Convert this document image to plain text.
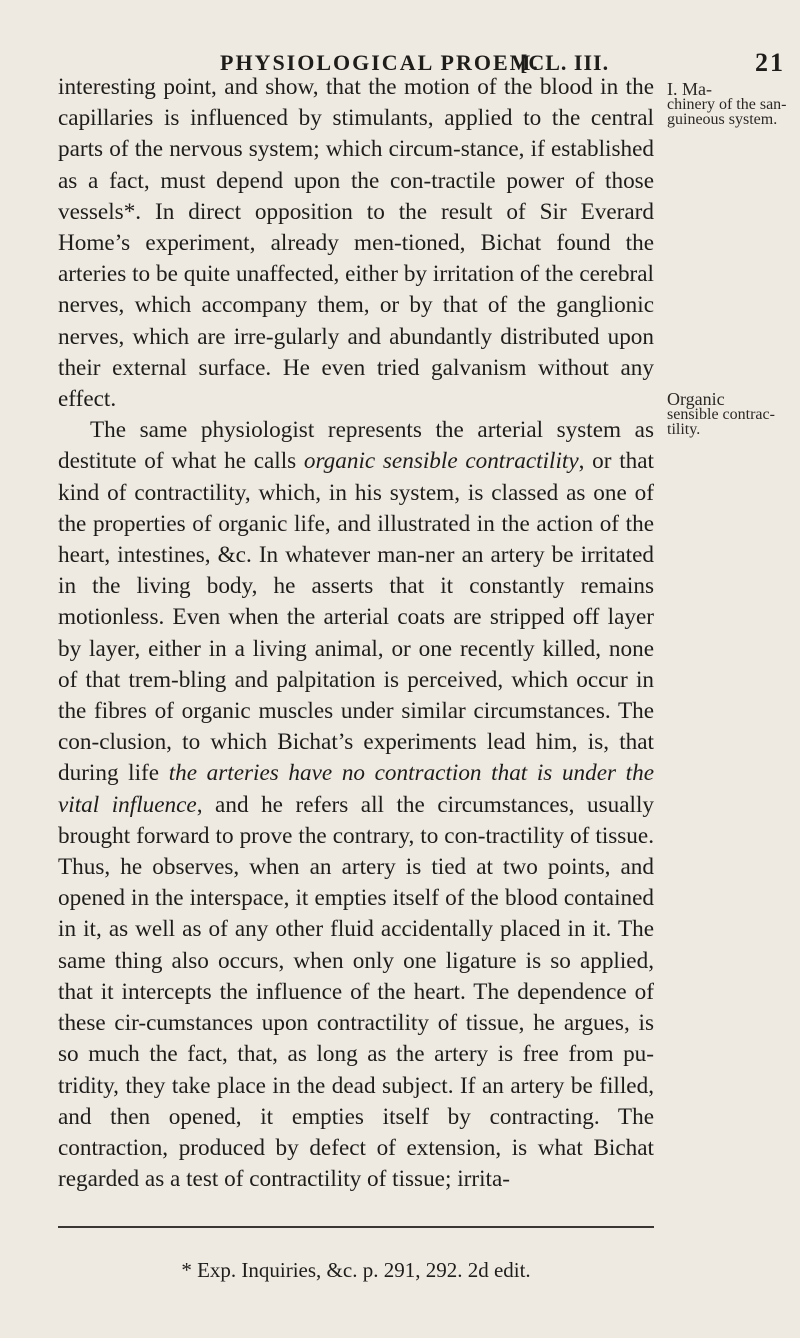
PHYSIOLOGICAL PROEM.
[CL. III.	21

interesting point, and show, that the motion of the blood in the capillaries is influenced by stimulants, applied to the central parts of the nervous system; which circum-stance, if established as a fact, must depend upon the con-tractile power of those vessels*. In direct opposition to the result of Sir Everard Home’s experiment, already men-tioned, Bichat found the arteries to be quite unaffected, either by irritation of the cerebral nerves, which accompany them, or by that of the ganglionic nerves, which are irre-gularly and abundantly distributed upon their external surface. He even tried galvanism without any effect.

The same physiologist represents the arterial system as destitute of what he calls organic sensible contractility, or that kind of contractility, which, in his system, is classed as one of the properties of organic life, and illustrated in the action of the heart, intestines, &c. In whatever man-ner an artery be irritated in the living body, he asserts that it constantly remains motionless. Even when the arterial coats are stripped off layer by layer, either in a living animal, or one recently killed, none of that trem-bling and palpitation is perceived, which occur in the fibres of organic muscles under similar circumstances. The con-clusion, to which Bichat’s experiments lead him, is, that during life the arteries have no contraction that is under the vital influence, and he refers all the circumstances, usually brought forward to prove the contrary, to con-tractility of tissue. Thus, he observes, when an artery is tied at two points, and opened in the interspace, it empties itself of the blood contained in it, as well as of any other fluid accidentally placed in it. The same thing also occurs, when only one ligature is so applied, that it intercepts the influence of the heart. The dependence of these cir-cumstances upon contractility of tissue, he argues, is so much the fact, that, as long as the artery is free from pu-tridity, they take place in the dead subject. If an artery be filled, and then opened, it empties itself by contracting. The contraction, produced by defect of extension, is what Bichat regarded as a test of contractility of tissue; irrita-

I. Ma-
chinery of the san-guineous system.
Organic
sensible contrac-tility.
* Exp. Inquiries, &c. p. 291, 292. 2d edit.
